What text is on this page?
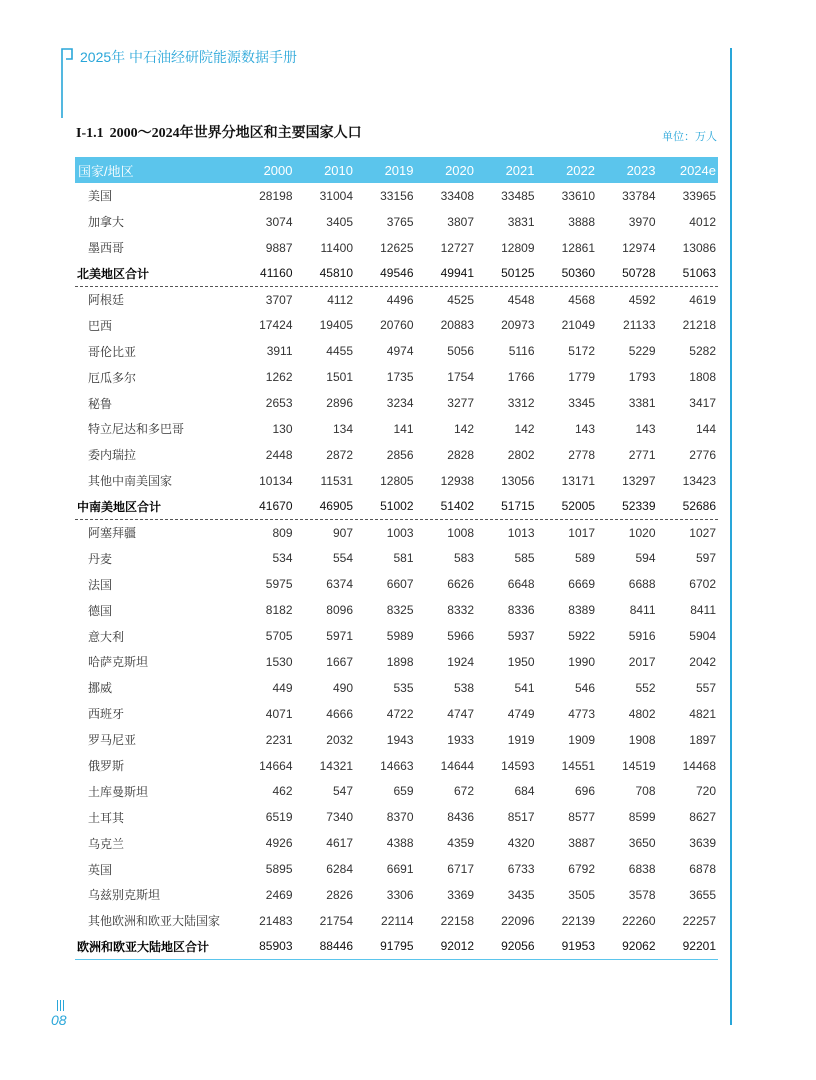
2025年 中石油经研院能源数据手册
I-1.1 2000～2024年世界分地区和主要国家人口	单位：万人
国家/地区	2000	2010	2019	2020	2021	2022	2023	2024e
美国	28198	31004	33156	33408	33485	33610	33784	33965
加拿大	3074	3405	3765	3807	3831	3888	3970	4012
墨西哥	9887	11400	12625	12727	12809	12861	12974	13086
北美地区合计	41160	45810	49546	49941	50125	50360	50728	51063
阿根廷	3707	4112	4496	4525	4548	4568	4592	4619
巴西	17424	19405	20760	20883	20973	21049	21133	21218
哥伦比亚	3911	4455	4974	5056	5116	5172	5229	5282
厄瓜多尔	1262	1501	1735	1754	1766	1779	1793	1808
秘鲁	2653	2896	3234	3277	3312	3345	3381	3417
特立尼达和多巴哥	130	134	141	142	142	143	143	144
委内瑞拉	2448	2872	2856	2828	2802	2778	2771	2776
其他中南美国家	10134	11531	12805	12938	13056	13171	13297	13423
中南美地区合计	41670	46905	51002	51402	51715	52005	52339	52686
阿塞拜疆	809	907	1003	1008	1013	1017	1020	1027
丹麦	534	554	581	583	585	589	594	597
法国	5975	6374	6607	6626	6648	6669	6688	6702
德国	8182	8096	8325	8332	8336	8389	8411	8411
意大利	5705	5971	5989	5966	5937	5922	5916	5904
哈萨克斯坦	1530	1667	1898	1924	1950	1990	2017	2042
挪威	449	490	535	538	541	546	552	557
西班牙	4071	4666	4722	4747	4749	4773	4802	4821
罗马尼亚	2231	2032	1943	1933	1919	1909	1908	1897
俄罗斯	14664	14321	14663	14644	14593	14551	14519	14468
土库曼斯坦	462	547	659	672	684	696	708	720
土耳其	6519	7340	8370	8436	8517	8577	8599	8627
乌克兰	4926	4617	4388	4359	4320	3887	3650	3639
英国	5895	6284	6691	6717	6733	6792	6838	6878
乌兹别克斯坦	2469	2826	3306	3369	3435	3505	3578	3655
其他欧洲和欧亚大陆国家	21483	21754	22114	22158	22096	22139	22260	22257
欧洲和欧亚大陆地区合计	85903	88446	91795	92012	92056	91953	92062	92201
08
